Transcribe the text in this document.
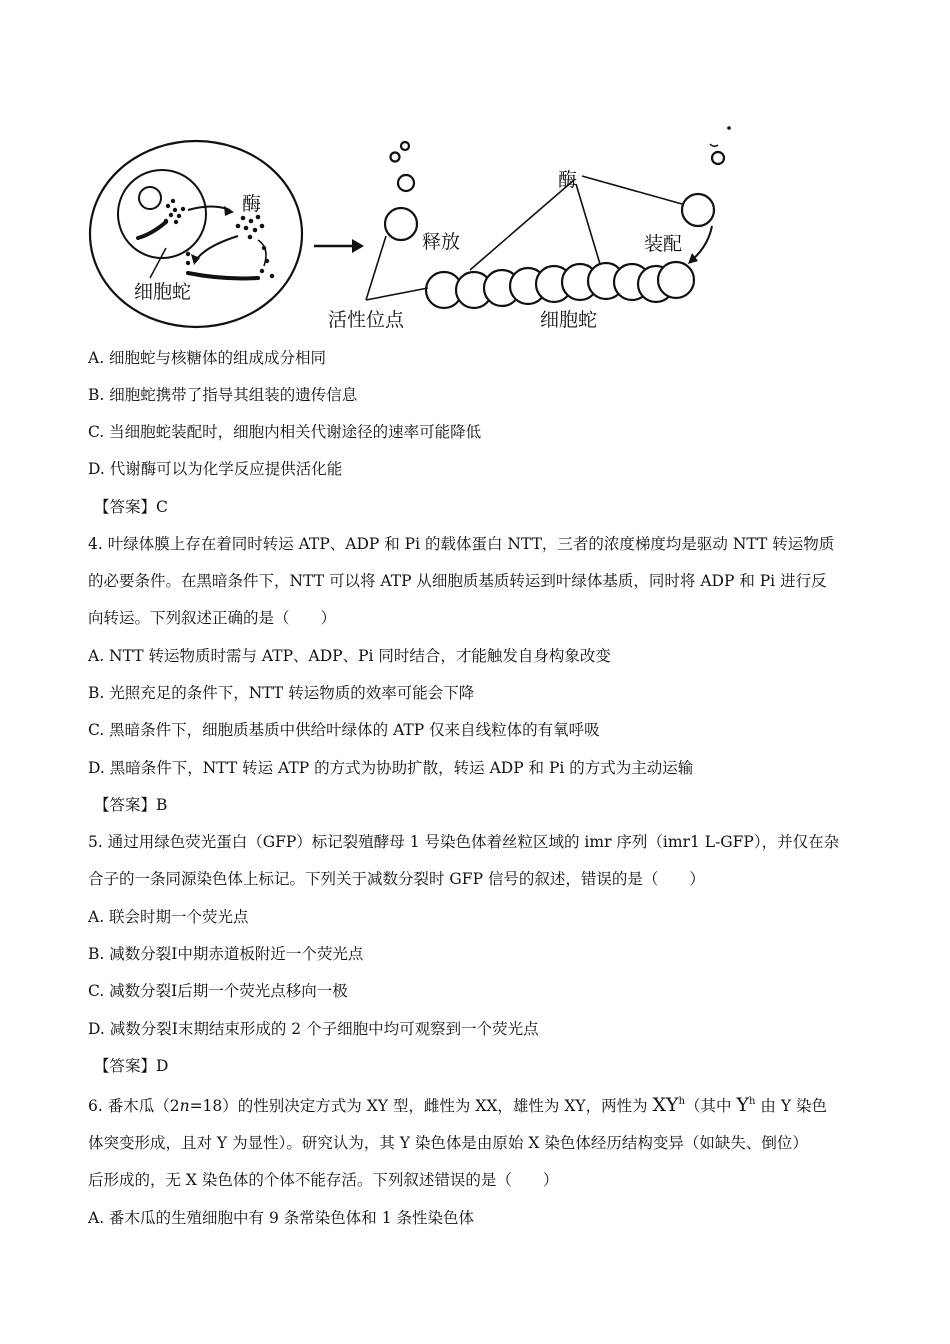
细胞蛇
酶
酶
释放	装配
活性位点	细胞蛇
A. 细胞蛇与核糖体的组成成分相同
B. 细胞蛇携带了指导其组装的遗传信息
C. 当细胞蛇装配时，细胞内相关代谢途径的速率可能降低
D. 代谢酶可以为化学反应提供活化能
【答案】C
4. 叶绿体膜上存在着同时转运 ATP、ADP 和 Pi 的载体蛋白 NTT，三者的浓度梯度均是驱动 NTT 转运物质
的必要条件。在黑暗条件下，NTT 可以将 ATP 从细胞质基质转运到叶绿体基质，同时将 ADP 和 Pi 进行反
向转运。下列叙述正确的是（　　）
A. NTT 转运物质时需与 ATP、ADP、Pi 同时结合，才能触发自身构象改变
B. 光照充足的条件下，NTT 转运物质的效率可能会下降
C. 黑暗条件下，细胞质基质中供给叶绿体的 ATP 仅来自线粒体的有氧呼吸
D. 黑暗条件下，NTT 转运 ATP 的方式为协助扩散，转运 ADP 和 Pi 的方式为主动运输
【答案】B
5. 通过用绿色荧光蛋白（GFP）标记裂殖酵母 1 号染色体着丝粒区域的 imr 序列（imr1 L-GFP），并仅在杂
合子的一条同源染色体上标记。下列关于减数分裂时 GFP 信号的叙述，错误的是（　　）
A. 联会时期一个荧光点
B. 减数分裂Ⅰ中期赤道板附近一个荧光点
C. 减数分裂Ⅰ后期一个荧光点移向一极
D. 减数分裂Ⅰ末期结束形成的 2 个子细胞中均可观察到一个荧光点
【答案】D
6. 番木瓜（2n=18）的性别决定方式为 XY 型，雌性为 XX，雄性为 XY，两性为 $XY^h$（其中 $Y^h$ 由 Y 染色
体突变形成，且对 Y 为显性）。研究认为，其 Y 染色体是由原始 X 染色体经历结构变异（如缺失、倒位）
后形成的，无 X 染色体的个体不能存活。下列叙述错误的是（　　）
A. 番木瓜的生殖细胞中有 9 条常染色体和 1 条性染色体
